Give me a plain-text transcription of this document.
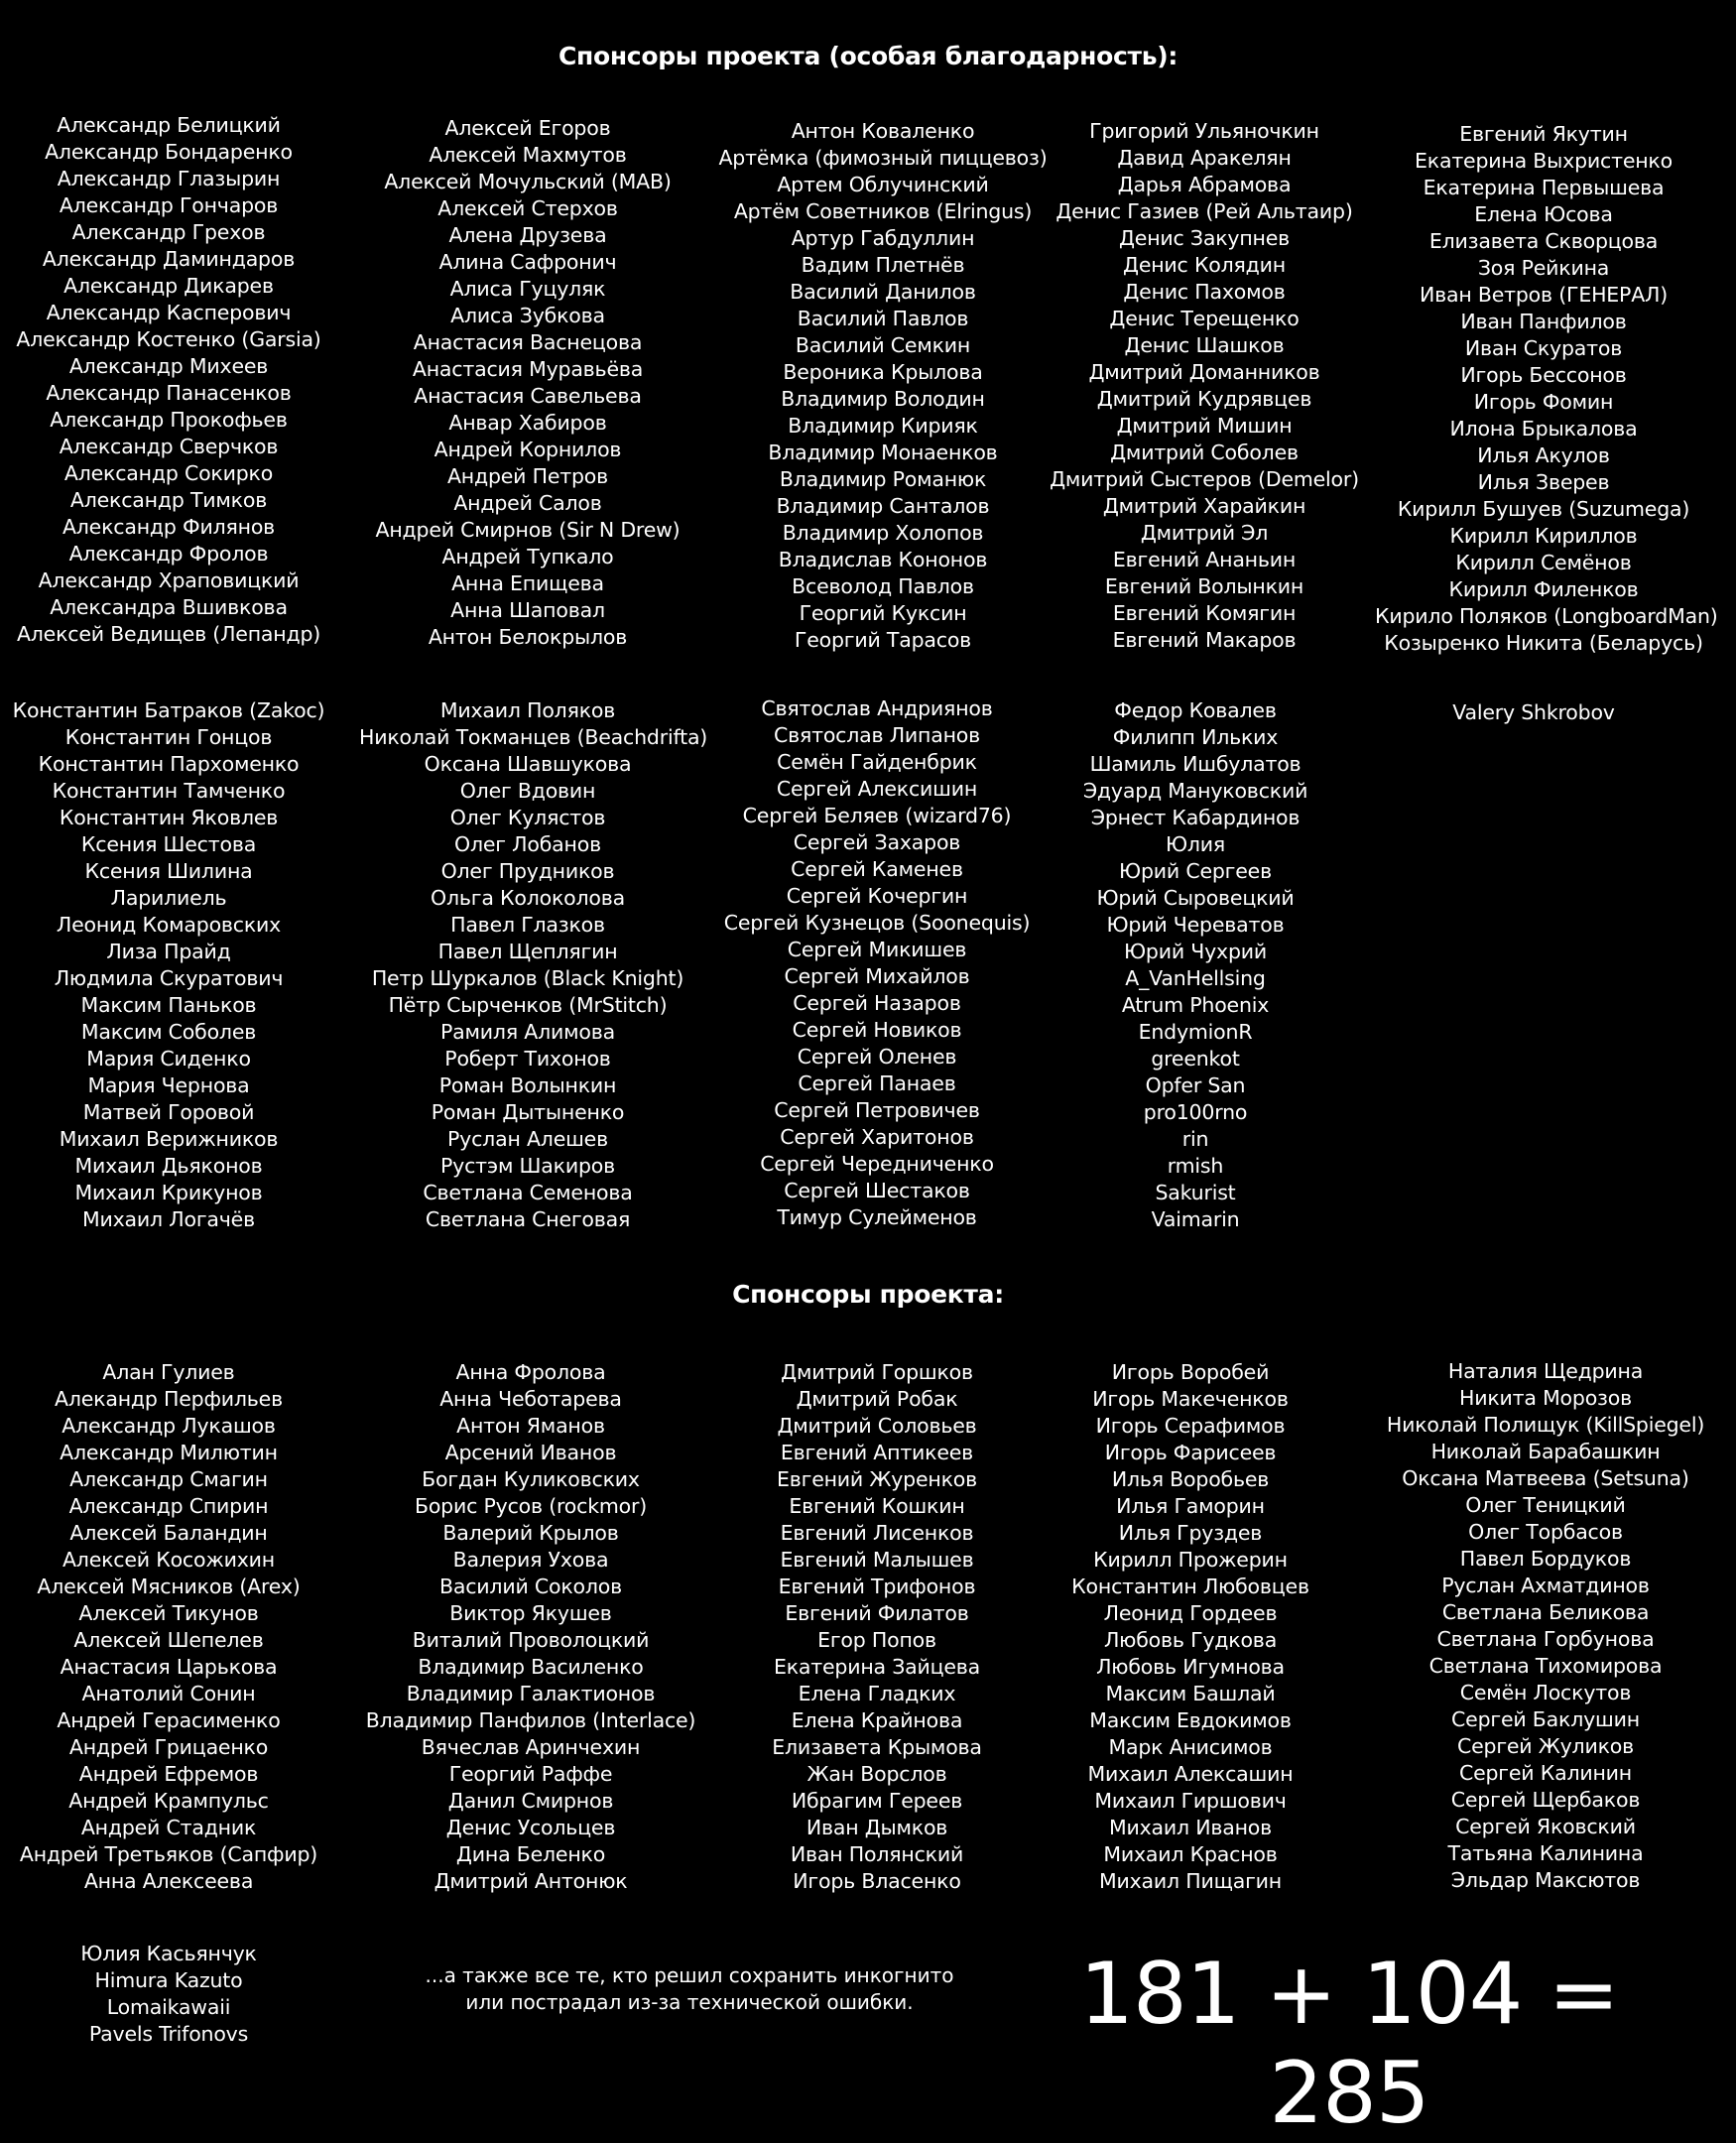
Спонсоры проекта (особая благодарность):
Александр Белицкий
Александр Бондаренко
Александр Глазырин
Александр Гончаров
Александр Грехов
Александр Даминдаров
Александр Дикарев
Александр Касперович
Александр Костенко (Garsia)
Александр Михеев
Александр Панасенков
Александр Прокофьев
Александр Сверчков
Александр Сокирко
Александр Тимков
Александр Филянов
Александр Фролов
Александр Храповицкий
Александра Вшивкова
Алексей Ведищев (Лепандр)
Алексей Егоров
Алексей Махмутов
Алексей Мочульский (MAB)
Алексей Стерхов
Алена Друзева
Алина Сафронич
Алиса Гуцуляк
Алиса Зубкова
Анастасия Васнецова
Анастасия Муравьёва
Анастасия Савельева
Анвар Хабиров
Андрей Корнилов
Андрей Петров
Андрей Салов
Андрей Смирнов (Sir N Drew)
Андрей Тупкало
Анна Епищева
Анна Шаповал
Антон Белокрылов
Антон Коваленко
Артёмка (фимозный пиццевоз)
Артем Облучинский
Артём Советников (Elringus)
Артур Габдуллин
Вадим Плетнёв
Василий Данилов
Василий Павлов
Василий Семкин
Вероника Крылова
Владимир Володин
Владимир Кирияк
Владимир Монаенков
Владимир Романюк
Владимир Санталов
Владимир Холопов
Владислав Кононов
Всеволод Павлов
Георгий Куксин
Георгий Тарасов
Григорий Ульяночкин
Давид Аракелян
Дарья Абрамова
Денис Газиев (Рей Альтаир)
Денис Закупнев
Денис Колядин
Денис Пахомов
Денис Терещенко
Денис Шашков
Дмитрий Доманников
Дмитрий Кудрявцев
Дмитрий Мишин
Дмитрий Соболев
Дмитрий Сыстеров (Demelor)
Дмитрий Харайкин
Дмитрий Эл
Евгений Ананьин
Евгений Волынкин
Евгений Комягин
Евгений Макаров
Евгений Якутин
Екатерина Выхристенко
Екатерина Первышева
Елена Юсова
Елизавета Скворцова
Зоя Рейкина
Иван Ветров (ГЕНЕРАЛ)
Иван Панфилов
Иван Скуратов
Игорь Бессонов
Игорь Фомин
Илона Брыкалова
Илья Акулов
Илья Зверев
Кирилл Бушуев (Suzumega)
Кирилл Кириллов
Кирилл Семёнов
Кирилл Филенков
Кирило Поляков (LongboardMan)
Козыренко Никита (Беларусь)
Константин Батраков (Zakoc)
Константин Гонцов
Константин Пархоменко
Константин Тамченко
Константин Яковлев
Ксения Шестова
Ксения Шилина
Ларилиель
Леонид Комаровских
Лиза Прайд
Людмила Скуратович
Максим Паньков
Максим Соболев
Мария Сиденко
Мария Чернова
Матвей Горовой
Михаил Верижников
Михаил Дьяконов
Михаил Крикунов
Михаил Логачёв
Михаил Поляков
Николай Токманцев (Beachdrifta)
Оксана Шавшукова
Олег Вдовин
Олег Кулястов
Олег Лобанов
Олег Прудников
Ольга Колоколова
Павел Глазков
Павел Щеплягин
Петр Шуркалов (Black Knight)
Пётр Сырченков (MrStitch)
Рамиля Алимова
Роберт Тихонов
Роман Волынкин
Роман Дытыненко
Руслан Алешев
Рустэм Шакиров
Светлана Семенова
Светлана Снеговая
Святослав Андриянов
Святослав Липанов
Семён Гайденбрик
Сергей Алексишин
Сергей Беляев (wizard76)
Сергей Захаров
Сергей Каменев
Сергей Кочергин
Сергей Кузнецов (Soonequis)
Сергей Микишев
Сергей Михайлов
Сергей Назаров
Сергей Новиков
Сергей Оленев
Сергей Панаев
Сергей Петровичев
Сергей Харитонов
Сергей Чередниченко
Сергей Шестаков
Тимур Сулейменов
Федор Ковалев
Филипп Ильких
Шамиль Ишбулатов
Эдуард Мануковский
Эрнест Кабардинов
Юлия
Юрий Сергеев
Юрий Сыровецкий
Юрий Череватов
Юрий Чухрий
A_VanHellsing
Atrum Phoenix
EndymionR
greenkot
Opfer San
pro100rno
rin
rmish
Sakurist
Vaimarin
Valery Shkrobov
Спонсоры проекта:
Алан Гулиев
Алекандр Перфильев
Александр Лукашов
Александр Милютин
Александр Смагин
Александр Спирин
Алексей Баландин
Алексей Косожихин
Алексей Мясников (Arex)
Алексей Тикунов
Алексей Шепелев
Анастасия Царькова
Анатолий Сонин
Андрей Герасименко
Андрей Грицаенко
Андрей Ефремов
Андрей Крампульс
Андрей Стадник
Андрей Третьяков (Сапфир)
Анна Алексеева
Анна Фролова
Анна Чеботарева
Антон Яманов
Арсений Иванов
Богдан Куликовских
Борис Русов (rockmor)
Валерий Крылов
Валерия Ухова
Василий Соколов
Виктор Якушев
Виталий Проволоцкий
Владимир Василенко
Владимир Галактионов
Владимир Панфилов (Interlace)
Вячеслав Аринчехин
Георгий Раффе
Данил Смирнов
Денис Усольцев
Дина Беленко
Дмитрий Антонюк
Дмитрий Горшков
Дмитрий Робак
Дмитрий Соловьев
Евгений Аптикеев
Евгений Журенков
Евгений Кошкин
Евгений Лисенков
Евгений Малышев
Евгений Трифонов
Евгений Филатов
Егор Попов
Екатерина Зайцева
Елена Гладких
Елена Крайнова
Елизавета Крымова
Жан Ворслов
Ибрагим Гереев
Иван Дымков
Иван Полянский
Игорь Власенко
Игорь Воробей
Игорь Макеченков
Игорь Серафимов
Игорь Фарисеев
Илья Воробьев
Илья Гаморин
Илья Груздев
Кирилл Прожерин
Константин Любовцев
Леонид Гордеев
Любовь Гудкова
Любовь Игумнова
Максим Башлай
Максим Евдокимов
Марк Анисимов
Михаил Алексашин
Михаил Гиршович
Михаил Иванов
Михаил Краснов
Михаил Пищагин
Наталия Щедрина
Никита Морозов
Николай Полищук (KillSpiegel)
Николай Барабашкин
Оксана Матвеева (Setsuna)
Олег Теницкий
Олег Торбасов
Павел Бордуков
Руслан Ахматдинов
Светлана Беликова
Светлана Горбунова
Светлана Тихомирова
Семён Лоскутов
Сергей Баклушин
Сергей Жуликов
Сергей Калинин
Сергей Щербаков
Сергей Яковский
Татьяна Калинина
Эльдар Максютов
Юлия Касьянчук
Himura Kazuto
Lomaikawaii
Pavels Trifonovs
...а также все те, кто решил сохранить инкогнито
или пострадал из-за технической ошибки.	181 + 104 = 285
